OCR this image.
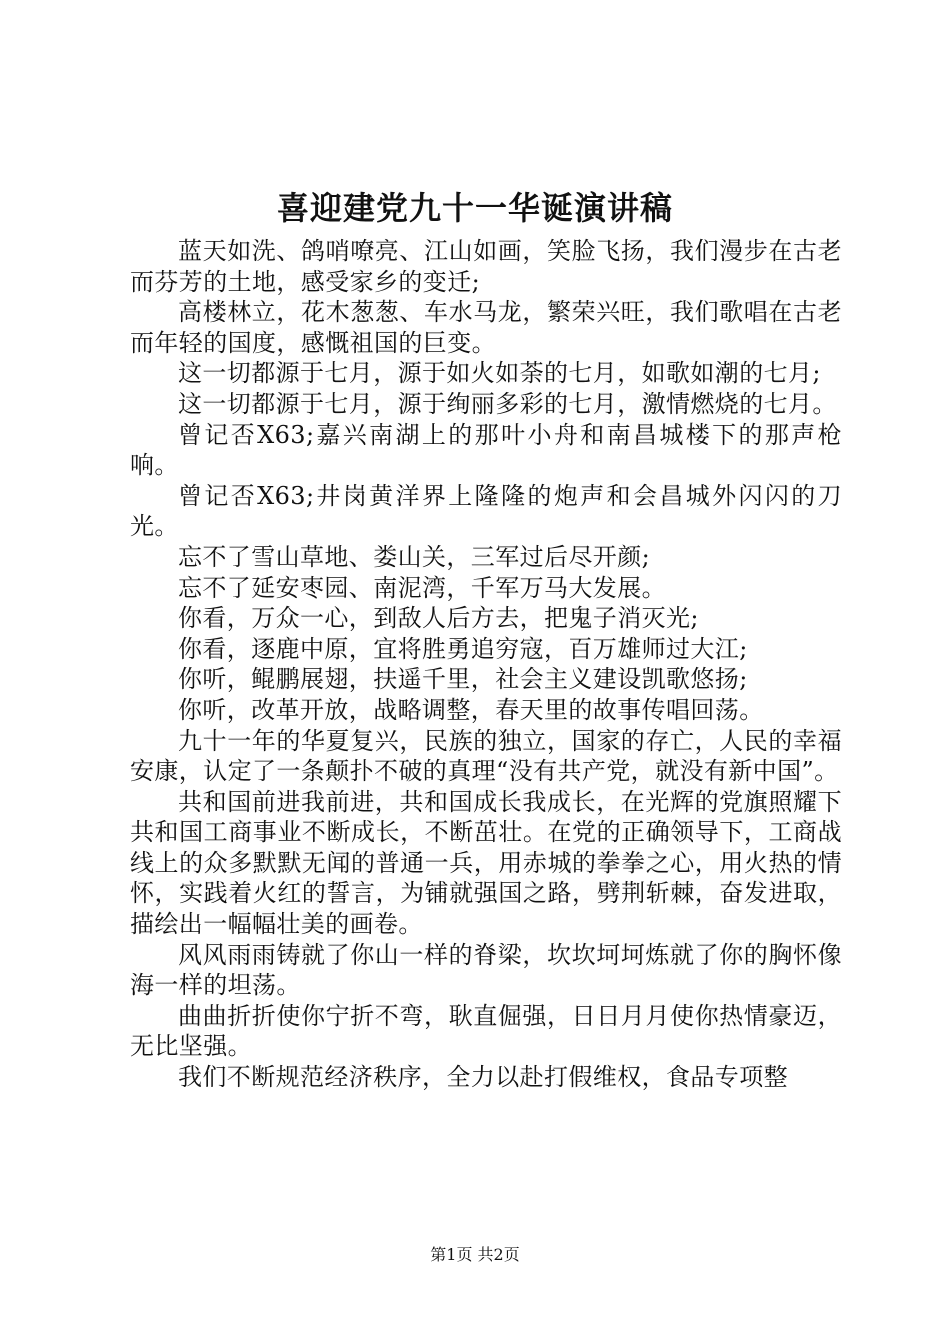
喜迎建党九十一华诞演讲稿

蓝天如洗、鸽哨嘹亮、江山如画，笑脸飞扬，我们漫步在古老而芬芳的土地，感受家乡的变迁;

高楼林立，花木葱葱、车水马龙，繁荣兴旺，我们歌唱在古老而年轻的国度，感慨祖国的巨变。

这一切都源于七月，源于如火如荼的七月，如歌如潮的七月;

这一切都源于七月，源于绚丽多彩的七月，激情燃烧的七月。

曾记否X63;嘉兴南湖上的那叶小舟和南昌城楼下的那声枪响。

曾记否X63;井岗黄洋界上隆隆的炮声和会昌城外闪闪的刀光。

忘不了雪山草地、娄山关，三军过后尽开颜;

忘不了延安枣园、南泥湾，千军万马大发展。

你看，万众一心，到敌人后方去，把鬼子消灭光;

你看，逐鹿中原，宜将胜勇追穷寇，百万雄师过大江;

你听，鲲鹏展翅，扶遥千里，社会主义建设凯歌悠扬;

你听，改革开放，战略调整，春天里的故事传唱回荡。

九十一年的华夏复兴，民族的独立，国家的存亡，人民的幸福安康，认定了一条颠扑不破的真理“没有共产党，就没有新中国”。

共和国前进我前进，共和国成长我成长，在光辉的党旗照耀下共和国工商事业不断成长，不断茁壮。在党的正确领导下，工商战线上的众多默默无闻的普通一兵，用赤城的拳拳之心，用火热的情怀，实践着火红的誓言，为铺就强国之路，劈荆斩棘，奋发进取，描绘出一幅幅壮美的画卷。

风风雨雨铸就了你山一样的脊梁，坎坎坷坷炼就了你的胸怀像海一样的坦荡。

曲曲折折使你宁折不弯，耿直倔强，日日月月使你热情豪迈，无比坚强。

我们不断规范经济秩序，全力以赴打假维权，食品专项整

第1页 共2页
